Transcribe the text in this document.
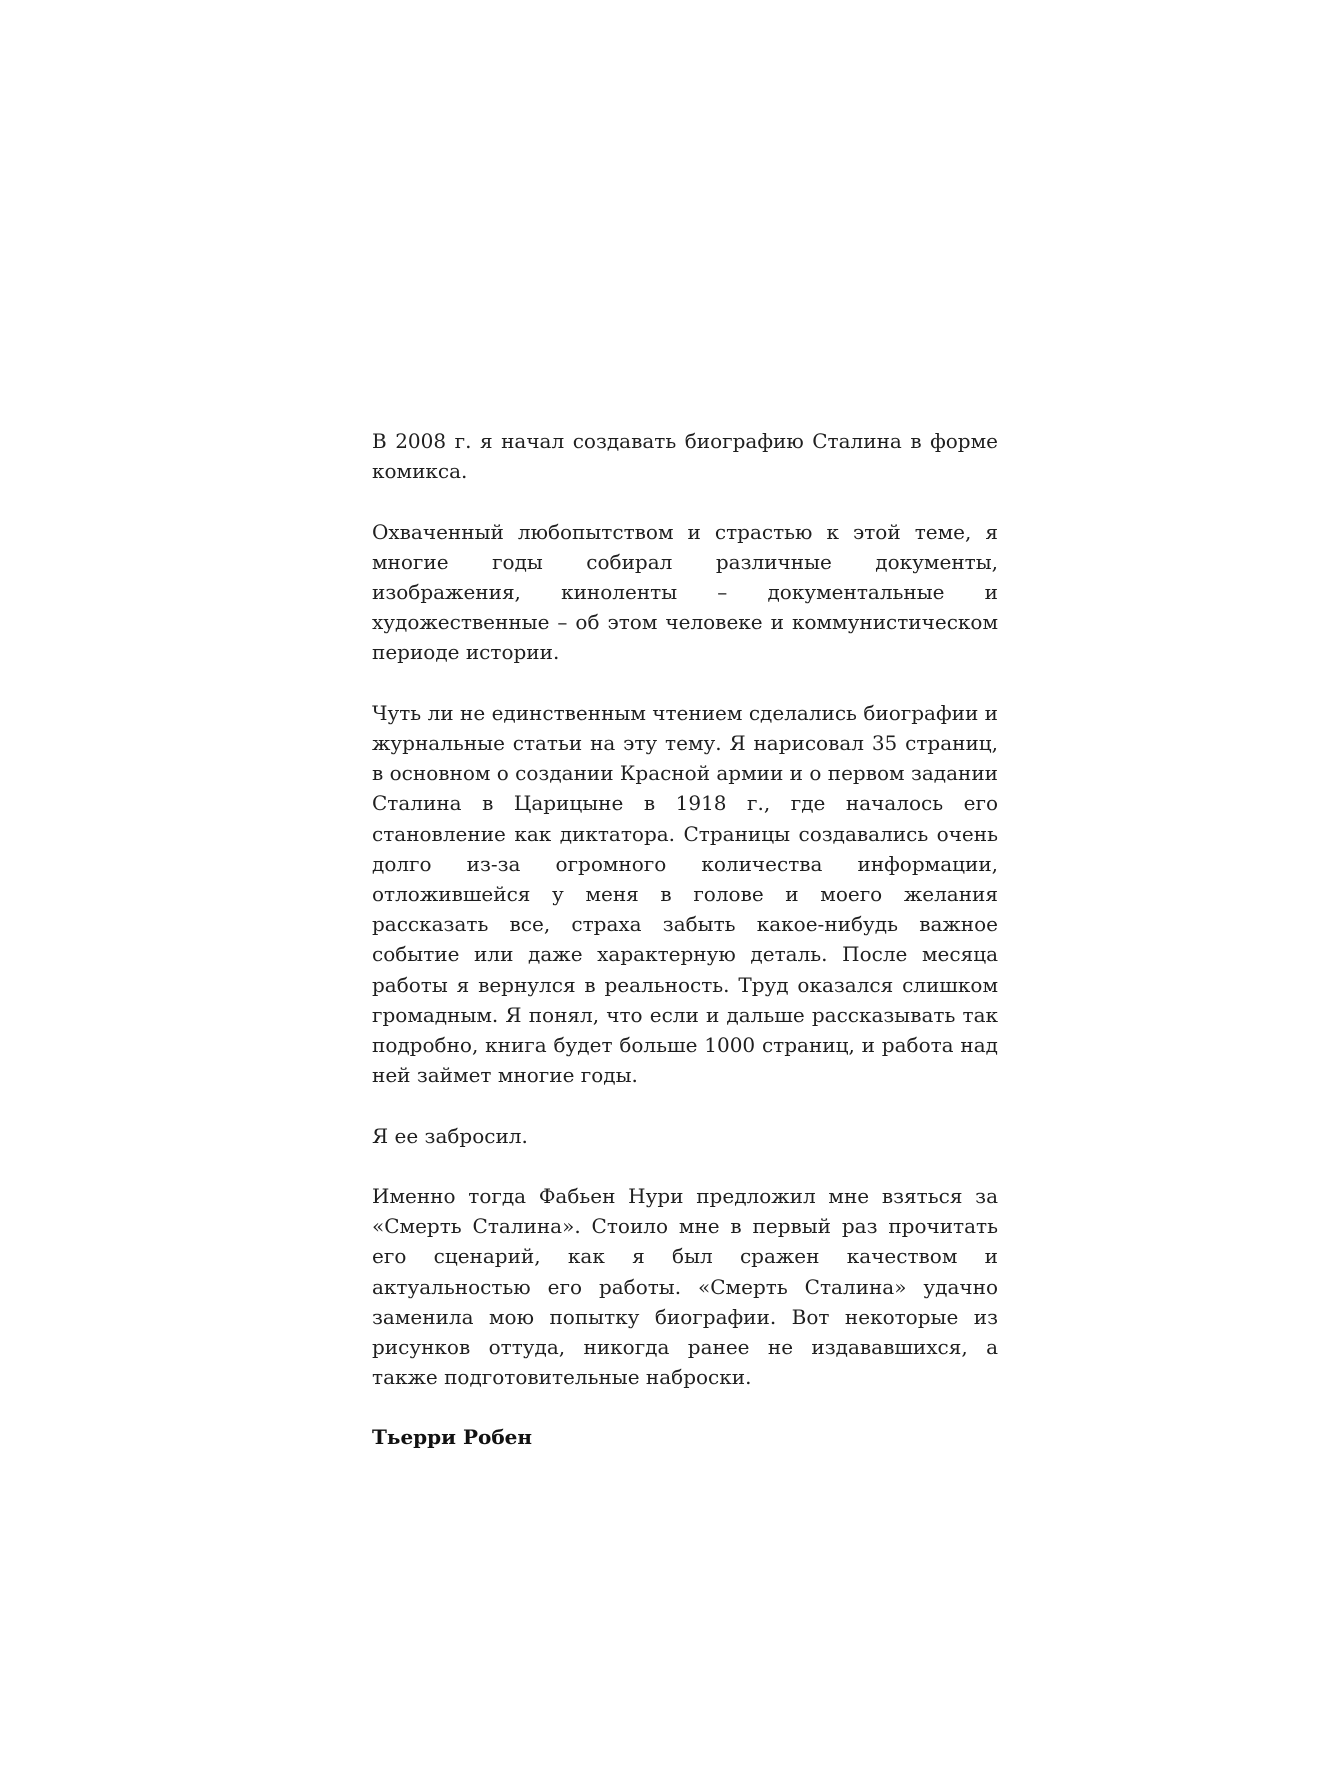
В 2008 г. я начал создавать биографию Сталина в форме комикса.

Охваченный любопытством и страстью к этой теме, я многие годы собирал различные документы, изображения, киноленты – документальные и художественные – об этом человеке и коммунистическом периоде истории.

Чуть ли не единственным чтением сделались биографии и журнальные статьи на эту тему. Я нарисовал 35 страниц, в основном о создании Красной армии и о первом задании Сталина в Царицыне в 1918 г., где началось его становление как диктатора. Страницы создавались очень долго из-за огромного количества информации, отложившейся у меня в голове и моего желания рассказать все, страха забыть какое-нибудь важное событие или даже характерную деталь. После месяца работы я вернулся в реальность. Труд оказался слишком громадным. Я понял, что если и дальше рассказывать так подробно, книга будет больше 1000 страниц, и работа над ней займет многие годы.

Я ее забросил.

Именно тогда Фабьен Нури предложил мне взяться за «Смерть Сталина». Стоило мне в первый раз прочитать его сценарий, как я был сражен качеством и актуальностью его работы. «Смерть Сталина» удачно заменила мою попытку биографии. Вот некоторые из рисунков оттуда, никогда ранее не издававшихся, а также подготовительные наброски.

Тьерри Робен
